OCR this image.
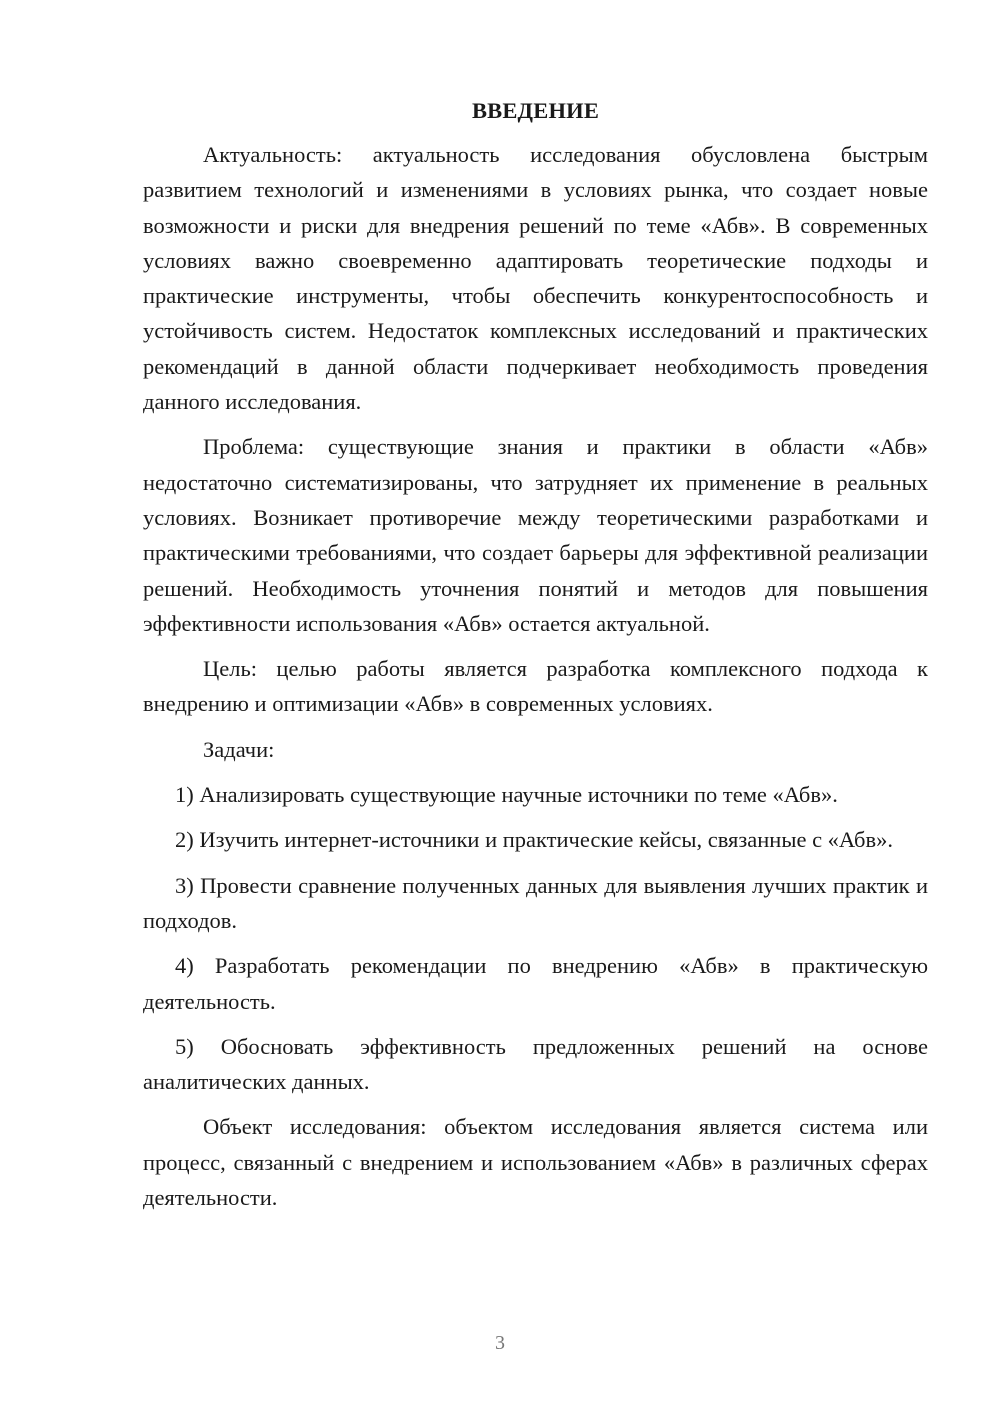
ВВЕДЕНИЕ

Актуальность: актуальность исследования обусловлена быстрым развитием технологий и изменениями в условиях рынка, что создает новые возможности и риски для внедрения решений по теме «Абв». В современных условиях важно своевременно адаптировать теоретические подходы и практические инструменты, чтобы обеспечить конкурентоспособность и устойчивость систем. Недостаток комплексных исследований и практических рекомендаций в данной области подчеркивает необходимость проведения данного исследования.

Проблема: существующие знания и практики в области «Абв» недостаточно систематизированы, что затрудняет их применение в реальных условиях. Возникает противоречие между теоретическими разработками и практическими требованиями, что создает барьеры для эффективной реализации решений. Необходимость уточнения понятий и методов для повышения эффективности использования «Абв» остается актуальной.

Цель: целью работы является разработка комплексного подхода к внедрению и оптимизации «Абв» в современных условиях.

Задачи:

1) Анализировать существующие научные источники по теме «Абв».

2) Изучить интернет-источники и практические кейсы, связанные с «Абв».

3) Провести сравнение полученных данных для выявления лучших практик и подходов.

4) Разработать рекомендации по внедрению «Абв» в практическую деятельность.

5) Обосновать эффективность предложенных решений на основе аналитических данных.

Объект исследования: объектом исследования является система или процесс, связанный с внедрением и использованием «Абв» в различных сферах деятельности.

3
